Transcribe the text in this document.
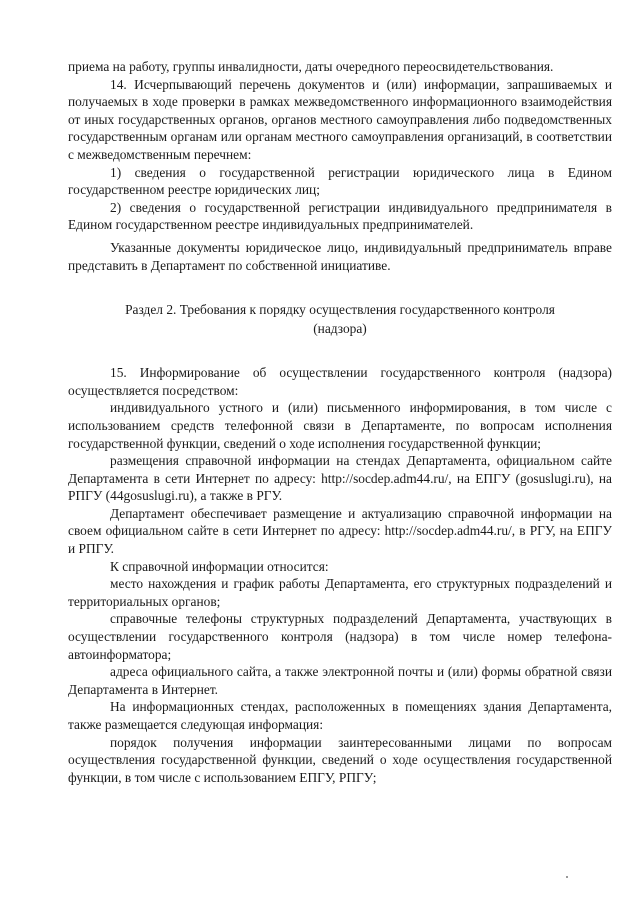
приема на работу, группы инвалидности, даты очередного переосвидетельствования.

14. Исчерпывающий перечень документов и (или) информации, запрашиваемых и получаемых в ходе проверки в рамках межведомственного информационного взаимодействия от иных государственных органов, органов местного самоуправления либо подведомственных государственным органам или органам местного самоуправления организаций, в соответствии с межведомственным перечнем:

1) сведения о государственной регистрации юридического лица в Едином государственном реестре юридических лиц;

2) сведения о государственной регистрации индивидуального предпринимателя в Едином государственном реестре индивидуальных предпринимателей.

Указанные документы юридическое лицо, индивидуальный предприниматель вправе представить в Департамент по собственной инициативе.

Раздел 2. Требования к порядку осуществления государственного контроля
(надзора)

15. Информирование об осуществлении государственного контроля (надзора) осуществляется посредством:

индивидуального устного и (или) письменного информирования, в том числе с использованием средств телефонной связи в Департаменте, по вопросам исполнения государственной функции, сведений о ходе исполнения государственной функции;

размещения справочной информации на стендах Департамента, официальном сайте Департамента в сети Интернет по адресу: http://socdep.adm44.ru/, на ЕПГУ (gosuslugi.ru), на РПГУ (44gosuslugi.ru), а также в РГУ.

Департамент обеспечивает размещение и актуализацию справочной информации на своем официальном сайте в сети Интернет по адресу: http://socdep.adm44.ru/, в РГУ, на ЕПГУ и РПГУ.

К справочной информации относится:

место нахождения и график работы Департамента, его структурных подразделений и территориальных органов;

справочные телефоны структурных подразделений Департамента, участвующих в осуществлении государственного контроля (надзора) в том числе номер телефона-автоинформатора;

адреса официального сайта, а также электронной почты и (или) формы обратной связи Департамента в Интернет.

На информационных стендах, расположенных в помещениях здания Департамента, также размещается следующая информация:

порядок получения информации заинтересованными лицами по вопросам осуществления государственной функции, сведений о ходе осуществления государственной функции, в том числе с использованием ЕПГУ, РПГУ;
